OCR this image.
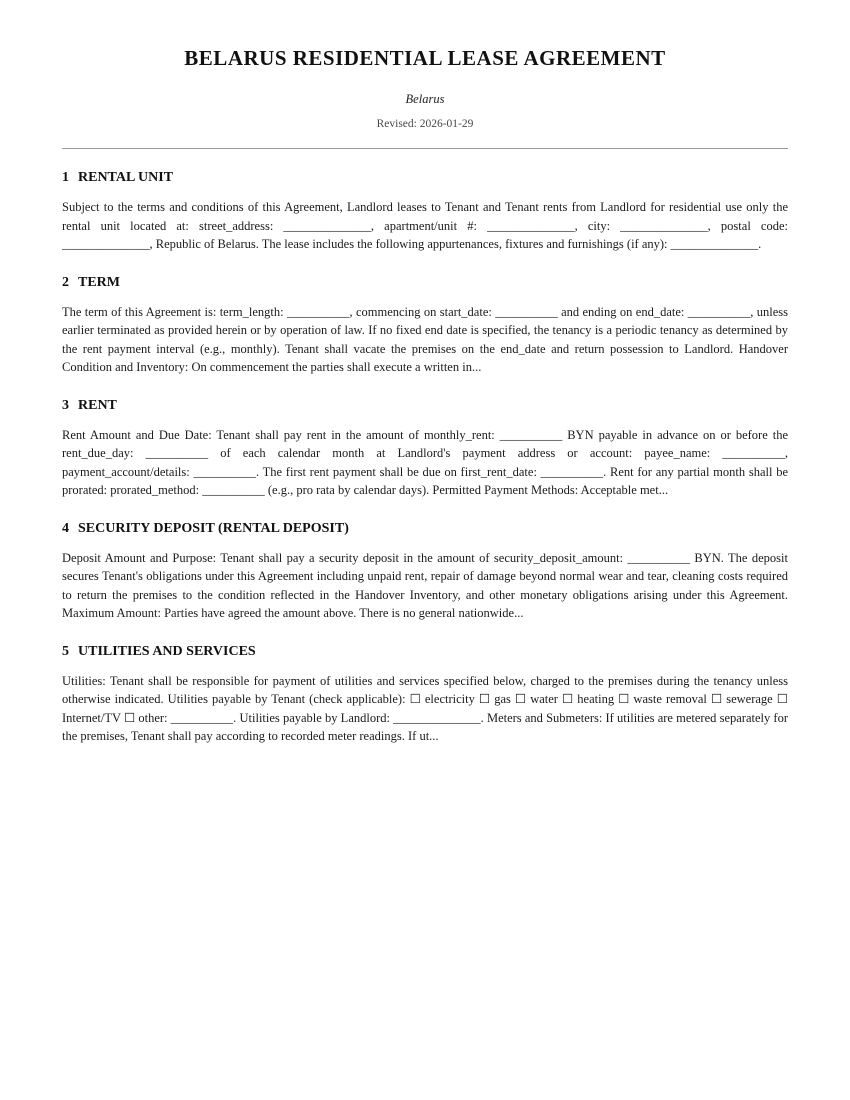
BELARUS RESIDENTIAL LEASE AGREEMENT
Belarus
Revised: 2026-01-29
1 RENTAL UNIT

Subject to the terms and conditions of this Agreement, Landlord leases to Tenant and Tenant rents from Landlord for residential use only the rental unit located at: street_address: ______________, apartment/unit #: ______________, city: ______________, postal code: ______________, Republic of Belarus. The lease includes the following appurtenances, fixtures and furnishings (if any): ______________.

2 TERM

The term of this Agreement is: term_length: __________, commencing on start_date: __________ and ending on end_date: __________, unless earlier terminated as provided herein or by operation of law. If no fixed end date is specified, the tenancy is a periodic tenancy as determined by the rent payment interval (e.g., monthly). Tenant shall vacate the premises on the end_date and return possession to Landlord. Handover Condition and Inventory: On commencement the parties shall execute a written in...

3 RENT

Rent Amount and Due Date: Tenant shall pay rent in the amount of monthly_rent: __________ BYN payable in advance on or before the rent_due_day: __________ of each calendar month at Landlord's payment address or account: payee_name: __________, payment_account/details: __________. The first rent payment shall be due on first_rent_date: __________. Rent for any partial month shall be prorated: prorated_method: __________ (e.g., pro rata by calendar days). Permitted Payment Methods: Acceptable met...

4 SECURITY DEPOSIT (RENTAL DEPOSIT)

Deposit Amount and Purpose: Tenant shall pay a security deposit in the amount of security_deposit_amount: __________ BYN. The deposit secures Tenant's obligations under this Agreement including unpaid rent, repair of damage beyond normal wear and tear, cleaning costs required to return the premises to the condition reflected in the Handover Inventory, and other monetary obligations arising under this Agreement. Maximum Amount: Parties have agreed the amount above. There is no general nationwide...

5 UTILITIES AND SERVICES

Utilities: Tenant shall be responsible for payment of utilities and services specified below, charged to the premises during the tenancy unless otherwise indicated. Utilities payable by Tenant (check applicable): ☐ electricity ☐ gas ☐ water ☐ heating ☐ waste removal ☐ sewerage ☐ Internet/TV ☐ other: __________. Utilities payable by Landlord: ______________. Meters and Submeters: If utilities are metered separately for the premises, Tenant shall pay according to recorded meter readings. If ut...
